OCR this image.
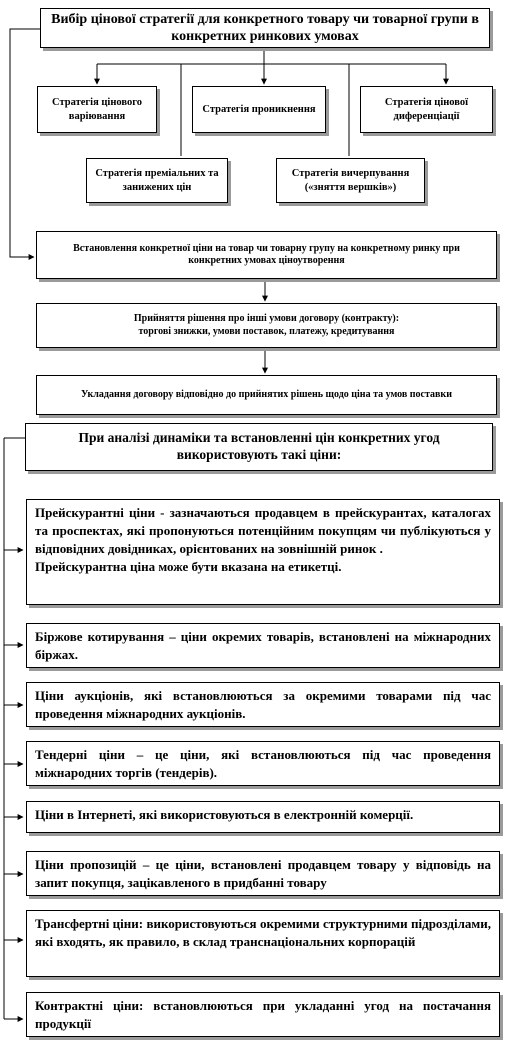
Вибір цінової стратегії для конкретного товару чи товарної групи в конкретних ринкових умовах
Стратегія цінового варіювання
Стратегія проникнення
Стратегія цінової диференціації
Стратегія преміальних та занижених цін
Стратегія вичерпування («зняття вершків»)
Встановлення конкретної ціни на товар чи товарну групу на конкретному ринку при конкретних умовах ціноутворення
Прийняття рішення про інші умови договору (контракту):
торгові знижки, умови поставок, платежу, кредитування
Укладання договору відповідно до прийнятих рішень щодо ціна та умов поставки
При аналізі динаміки та встановленні цін конкретних угод використовують такі ціни:
Прейскурантні ціни - зазначаються продавцем в прейскурантах, каталогах та проспектах, які пропонуються потенційним покупцям чи публікуються у відповідних довідниках, орієнтованих на зовнішній ринок .
Прейскурантна ціна може бути вказана на етикетці.
Біржове котирування – ціни окремих товарів, встановлені на міжнародних біржах.
Ціни аукціонів, які встановлюються за окремими товарами під час проведення міжнародних аукціонів.
Тендерні ціни – це ціни, які встановлюються під час проведення міжнародних торгів (тендерів).
Ціни в Інтернеті, які використовуються в електронній комерції.
Ціни пропозицій – це ціни, встановлені продавцем товару у відповідь на запит покупця, зацікавленого в придбанні товару
Трансфертні ціни: використовуються окремими структурними підрозділами, які входять, як правило, в склад транснаціональних корпорацій
Контрактні ціни: встановлюються при укладанні угод на постачання продукції
